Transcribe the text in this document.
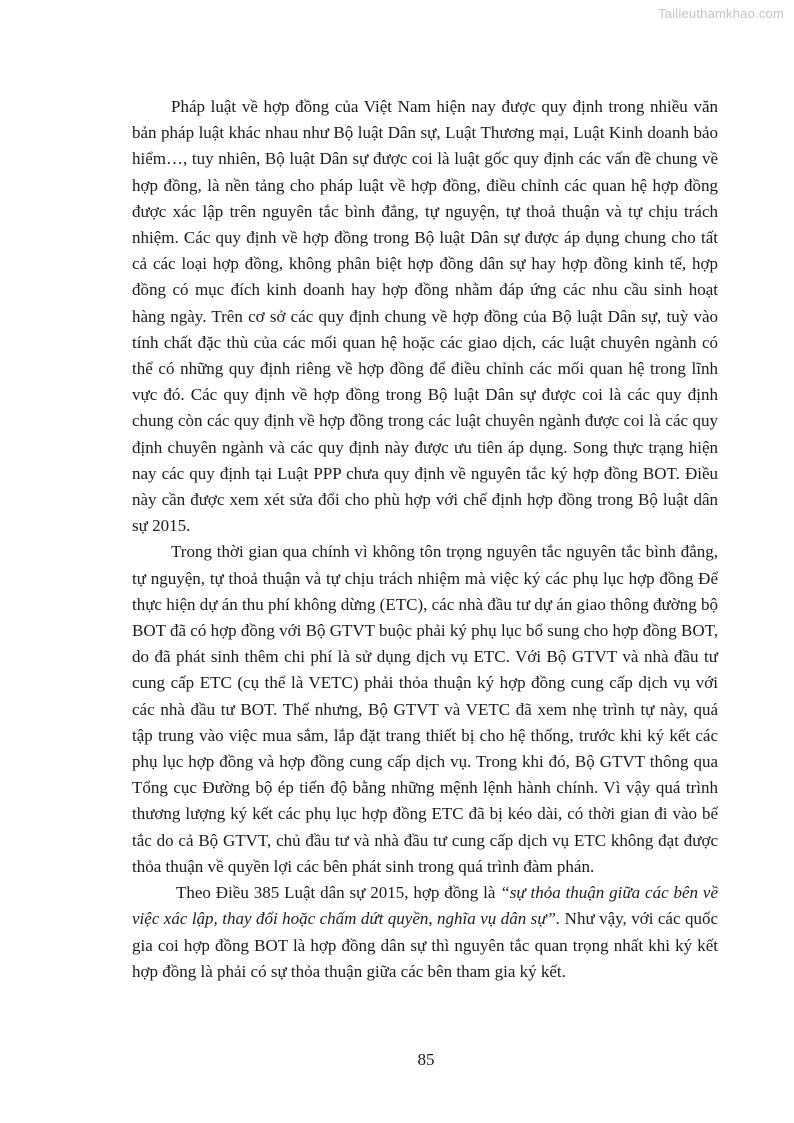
Tailieuthamkhao.com

Pháp luật về hợp đồng của Việt Nam hiện nay được quy định trong nhiều văn bản pháp luật khác nhau như Bộ luật Dân sự, Luật Thương mại, Luật Kinh doanh bảo hiểm…, tuy nhiên, Bộ luật Dân sự được coi là luật gốc quy định các vấn đề chung về hợp đồng, là nền tảng cho pháp luật về hợp đồng, điều chỉnh các quan hệ hợp đồng được xác lập trên nguyên tắc bình đẳng, tự nguyện, tự thoả thuận và tự chịu trách nhiệm. Các quy định về hợp đồng trong Bộ luật Dân sự được áp dụng chung cho tất cả các loại hợp đồng, không phân biệt hợp đồng dân sự hay hợp đồng kinh tế, hợp đồng có mục đích kinh doanh hay hợp đồng nhằm đáp ứng các nhu cầu sinh hoạt hàng ngày. Trên cơ sở các quy định chung về hợp đồng của Bộ luật Dân sự, tuỳ vào tính chất đặc thù của các mối quan hệ hoặc các giao dịch, các luật chuyên ngành có thể có những quy định riêng về hợp đồng để điều chỉnh các mối quan hệ trong lĩnh vực đó. Các quy định về hợp đồng trong Bộ luật Dân sự được coi là các quy định chung còn các quy định về hợp đồng trong các luật chuyên ngành được coi là các quy định chuyên ngành và các quy định này được ưu tiên áp dụng. Song thực trạng hiện nay các quy định tại Luật PPP chưa quy định về nguyên tắc ký hợp đồng BOT. Điều này cần được xem xét sửa đổi cho phù hợp với chế định hợp đồng trong Bộ luật dân sự 2015.

Trong thời gian qua chính vì không tôn trọng nguyên tắc nguyên tắc bình đẳng, tự nguyện, tự thoả thuận và tự chịu trách nhiệm mà việc ký các phụ lục hợp đồng Để thực hiện dự án thu phí không dừng (ETC), các nhà đầu tư dự án giao thông đường bộ BOT đã có hợp đồng với Bộ GTVT buộc phải ký phụ lục bổ sung cho hợp đồng BOT, do đã phát sinh thêm chi phí là sử dụng dịch vụ ETC. Với Bộ GTVT và nhà đầu tư cung cấp ETC (cụ thể là VETC) phải thỏa thuận ký hợp đồng cung cấp dịch vụ với các nhà đầu tư BOT. Thế nhưng, Bộ GTVT và VETC đã xem nhẹ trình tự này, quá tập trung vào việc mua sắm, lắp đặt trang thiết bị cho hệ thống, trước khi ký kết các phụ lục hợp đồng và hợp đồng cung cấp dịch vụ. Trong khi đó, Bộ GTVT thông qua Tổng cục Đường bộ ép tiến độ bằng những mệnh lệnh hành chính. Vì vậy quá trình thương lượng ký kết các phụ lục hợp đồng ETC đã bị kéo dài, có thời gian đi vào bế tắc do cả Bộ GTVT, chủ đầu tư và nhà đầu tư cung cấp dịch vụ ETC không đạt được thỏa thuận về quyền lợi các bên phát sinh trong quá trình đàm phán.

Theo Điều 385 Luật dân sự 2015, hợp đồng là “sự thỏa thuận giữa các bên về việc xác lập, thay đổi hoặc chấm dứt quyền, nghĩa vụ dân sự”. Như vậy, với các quốc gia coi hợp đồng BOT là hợp đồng dân sự thì nguyên tắc quan trọng nhất khi ký kết hợp đồng là phải có sự thỏa thuận giữa các bên tham gia ký kết.

85
